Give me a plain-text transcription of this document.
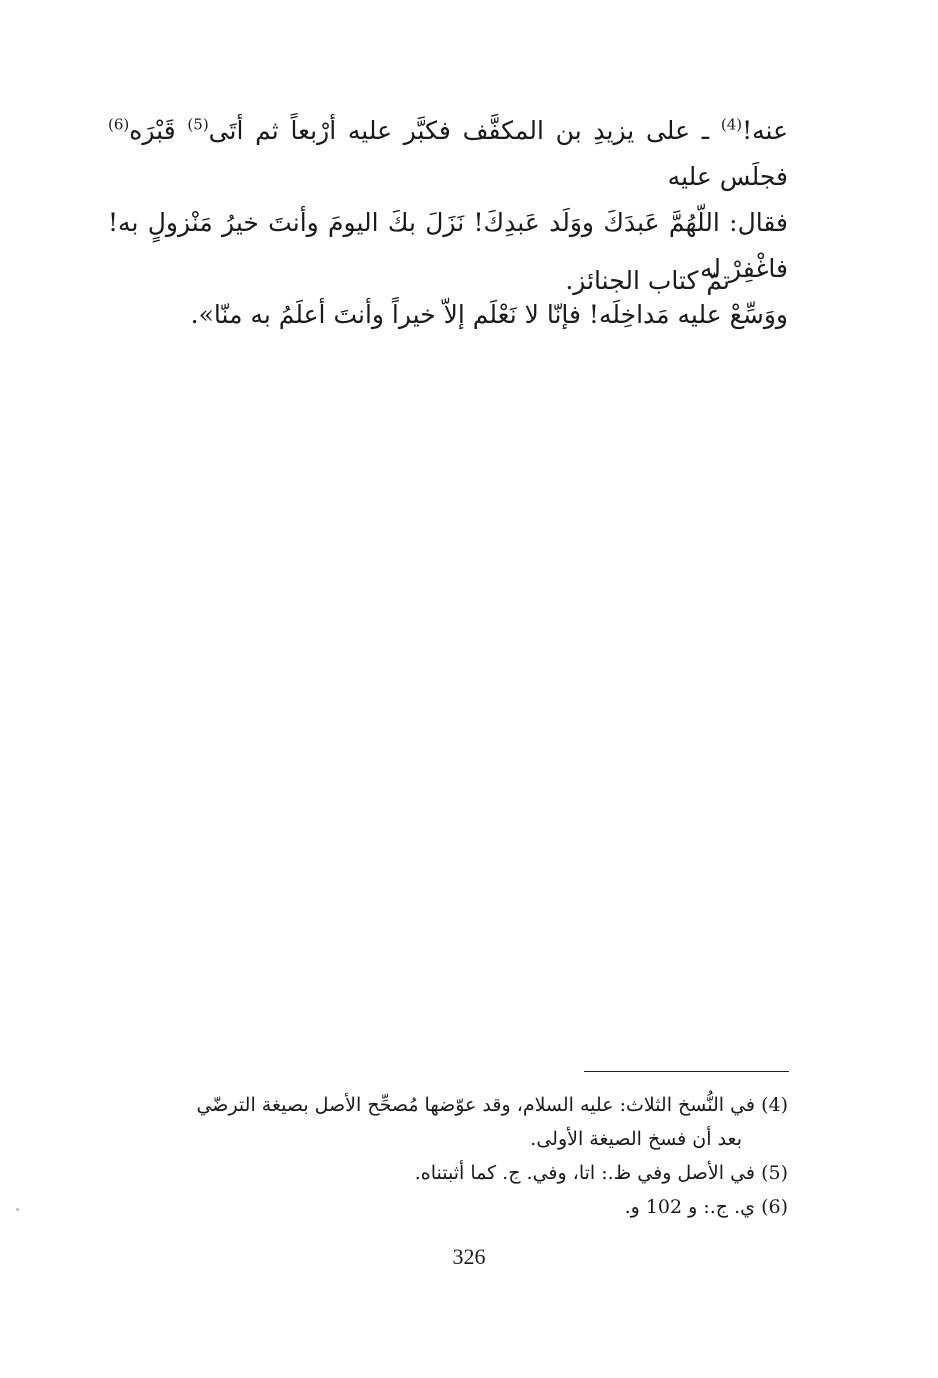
عنه!$^{(4)}$ ـ على يزيدِ بن المكفَّف فكبَّر عليه أرْبعاً ثم أتَى$^{(5)}$ قَبْرَه$^{(6)}$ فجلَس عليه

فقال: اللّهُمَّ عَبدَكَ ووَلَد عَبدِكَ! نَزَلَ بكَ اليومَ وأنتَ خيرُ مَنْزولٍ به! فاغْفِرْ له

ووَسِّعْ عليه مَداخِلَه! فإنّا لا نَعْلَم إلاّ خيراً وأنتَ أعلَمُ به منّا».

تمّ كتاب الجنائز.

(4) في النُّسخ الثلاث: عليه السلام، وقد عوّضها مُصحِّح الأصل بصيغة الترضّي

بعد أن فسخ الصيغة الأولى.

(5) في الأصل وفي ظ.: اتا، وفي. ج. كما أثبتناه.

(6) ي. ج.: و 102 و.

326
